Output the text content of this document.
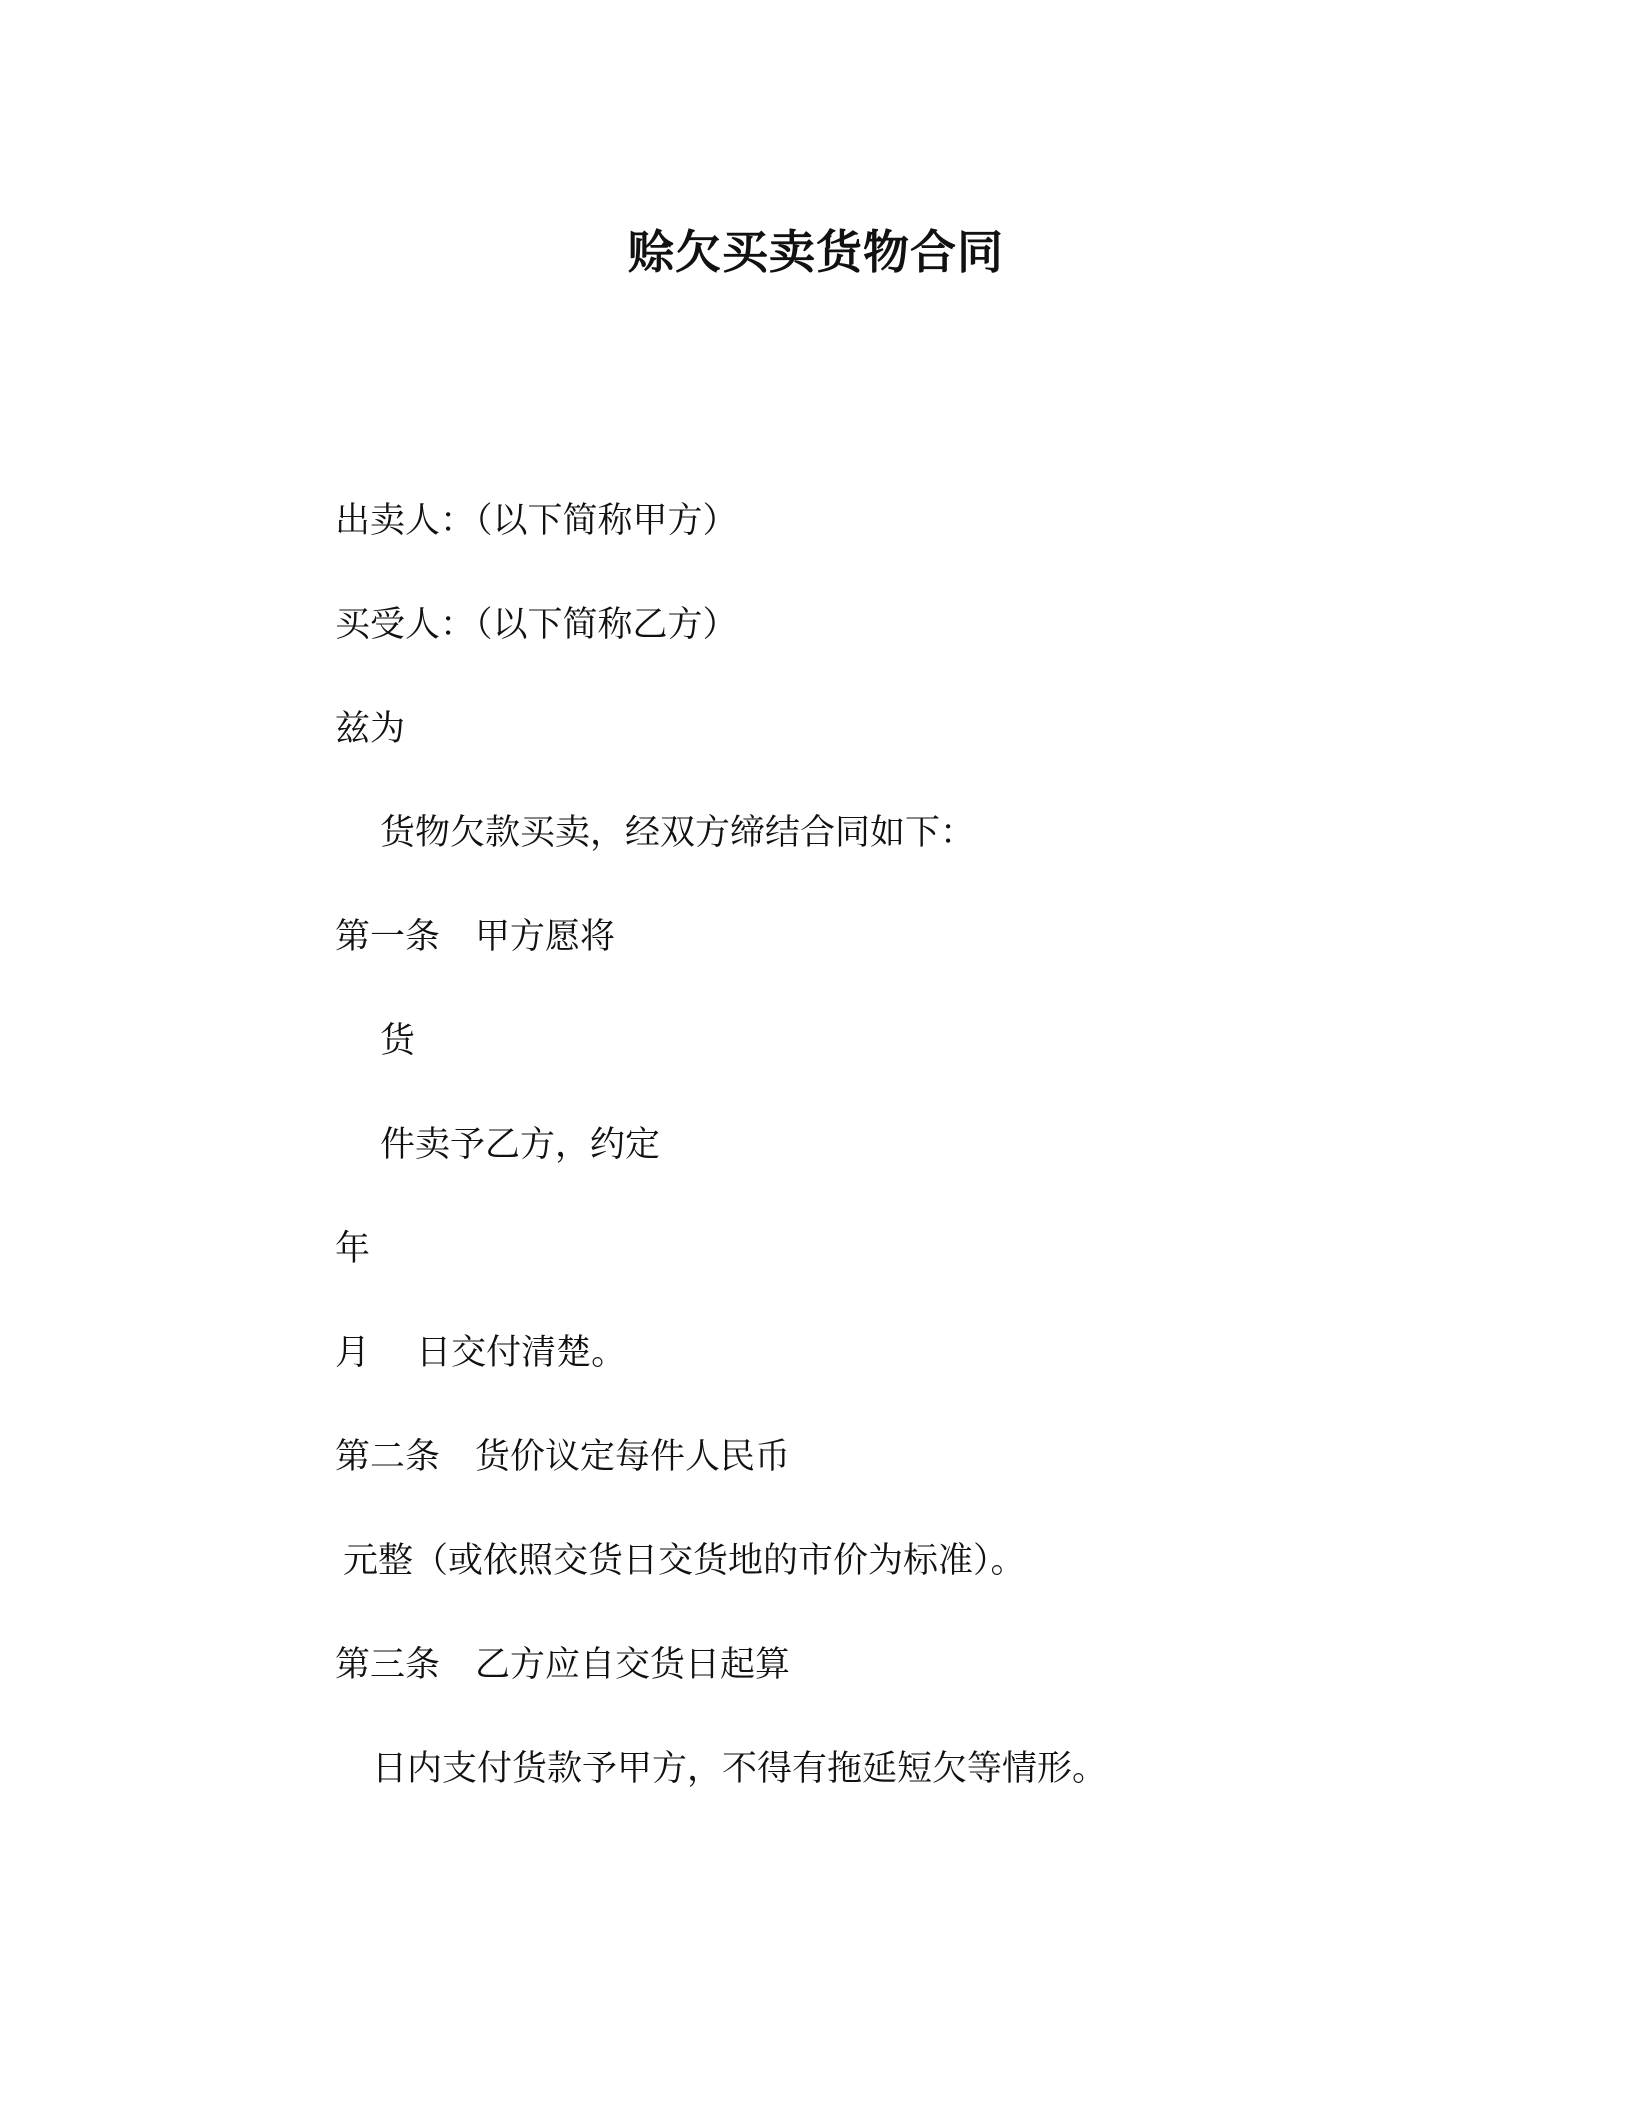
赊欠买卖货物合同
出卖人：（以下简称甲方）
买受人：（以下简称乙方）
兹为
货物欠款买卖，经双方缔结合同如下：
第一条　甲方愿将
货
件卖予乙方，约定
年
月　 日交付清楚。
第二条　货价议定每件人民币
元整（或依照交货日交货地的市价为标准）。
第三条　乙方应自交货日起算
日内支付货款予甲方，不得有拖延短欠等情形。
